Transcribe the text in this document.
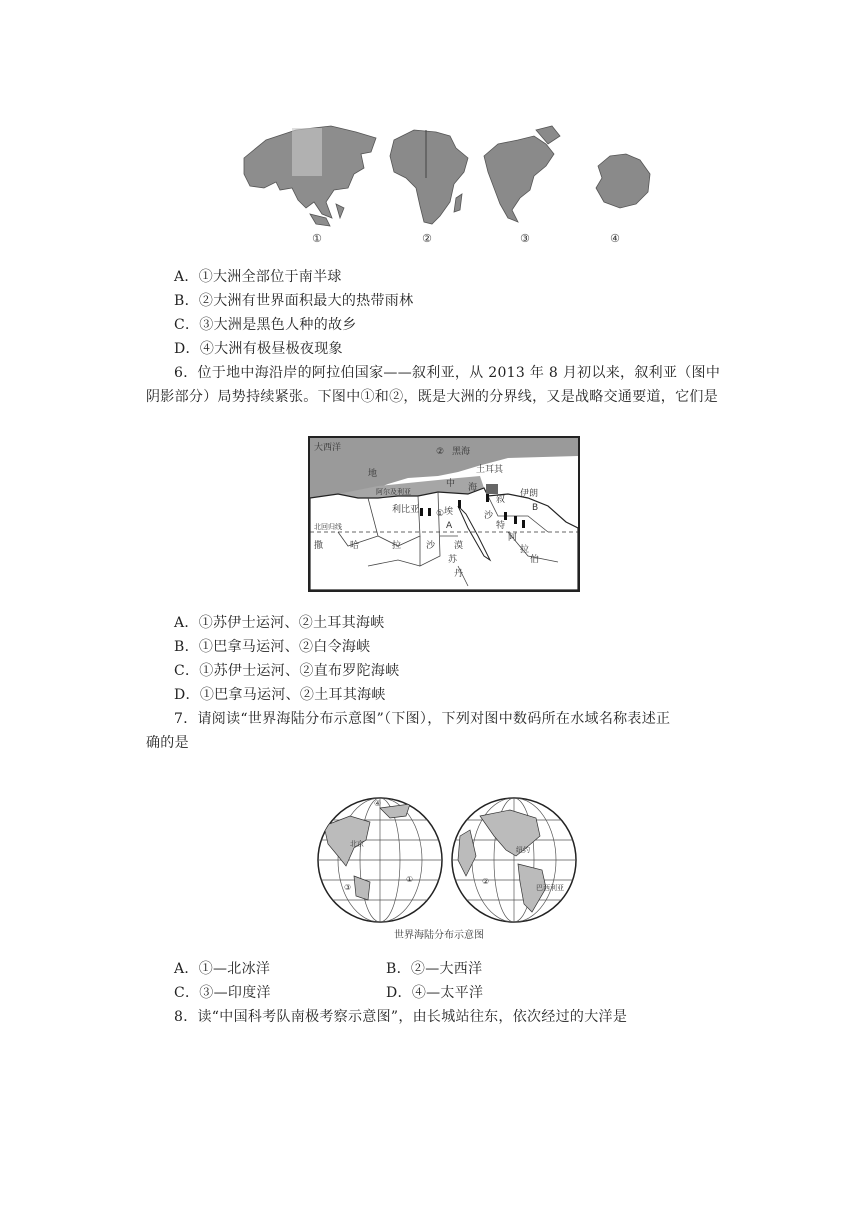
①	②	③	④
A．①大洲全部位于南半球
B．②大洲有世界面积最大的热带雨林
C．③大洲是黑色人种的故乡
D．④大洲有极昼极夜现象
6．位于地中海沿岸的阿拉伯国家——叙利亚，从 2013 年 8 月初以来，叙利亚（图中
阴影部分）局势持续紧张。下图中①和②，既是大洲的分界线，又是战略交通要道，它们是
大西洋
地
中 海
黑海
土耳其
阿尔及利亚
利比亚	埃
叙
伊朗
沙
特
阿
拉
伯
撒	哈	拉	沙 漠
北回归线
苏
丹
①
②
A
B
A．①苏伊士运河、②土耳其海峡
B．①巴拿马运河、②白令海峡
C．①苏伊士运河、②直布罗陀海峡
D．①巴拿马运河、②土耳其海峡
7．请阅读“世界海陆分布示意图”（下图），下列对图中数码所在水域名称表述正
确的是
①	②
③
④
北京
纽约
巴西利亚
世界海陆分布示意图
A．①—北冰洋	B．②—大西洋
C．③—印度洋	D．④—太平洋
8．读“中国科考队南极考察示意图”，由长城站往东，依次经过的大洋是
